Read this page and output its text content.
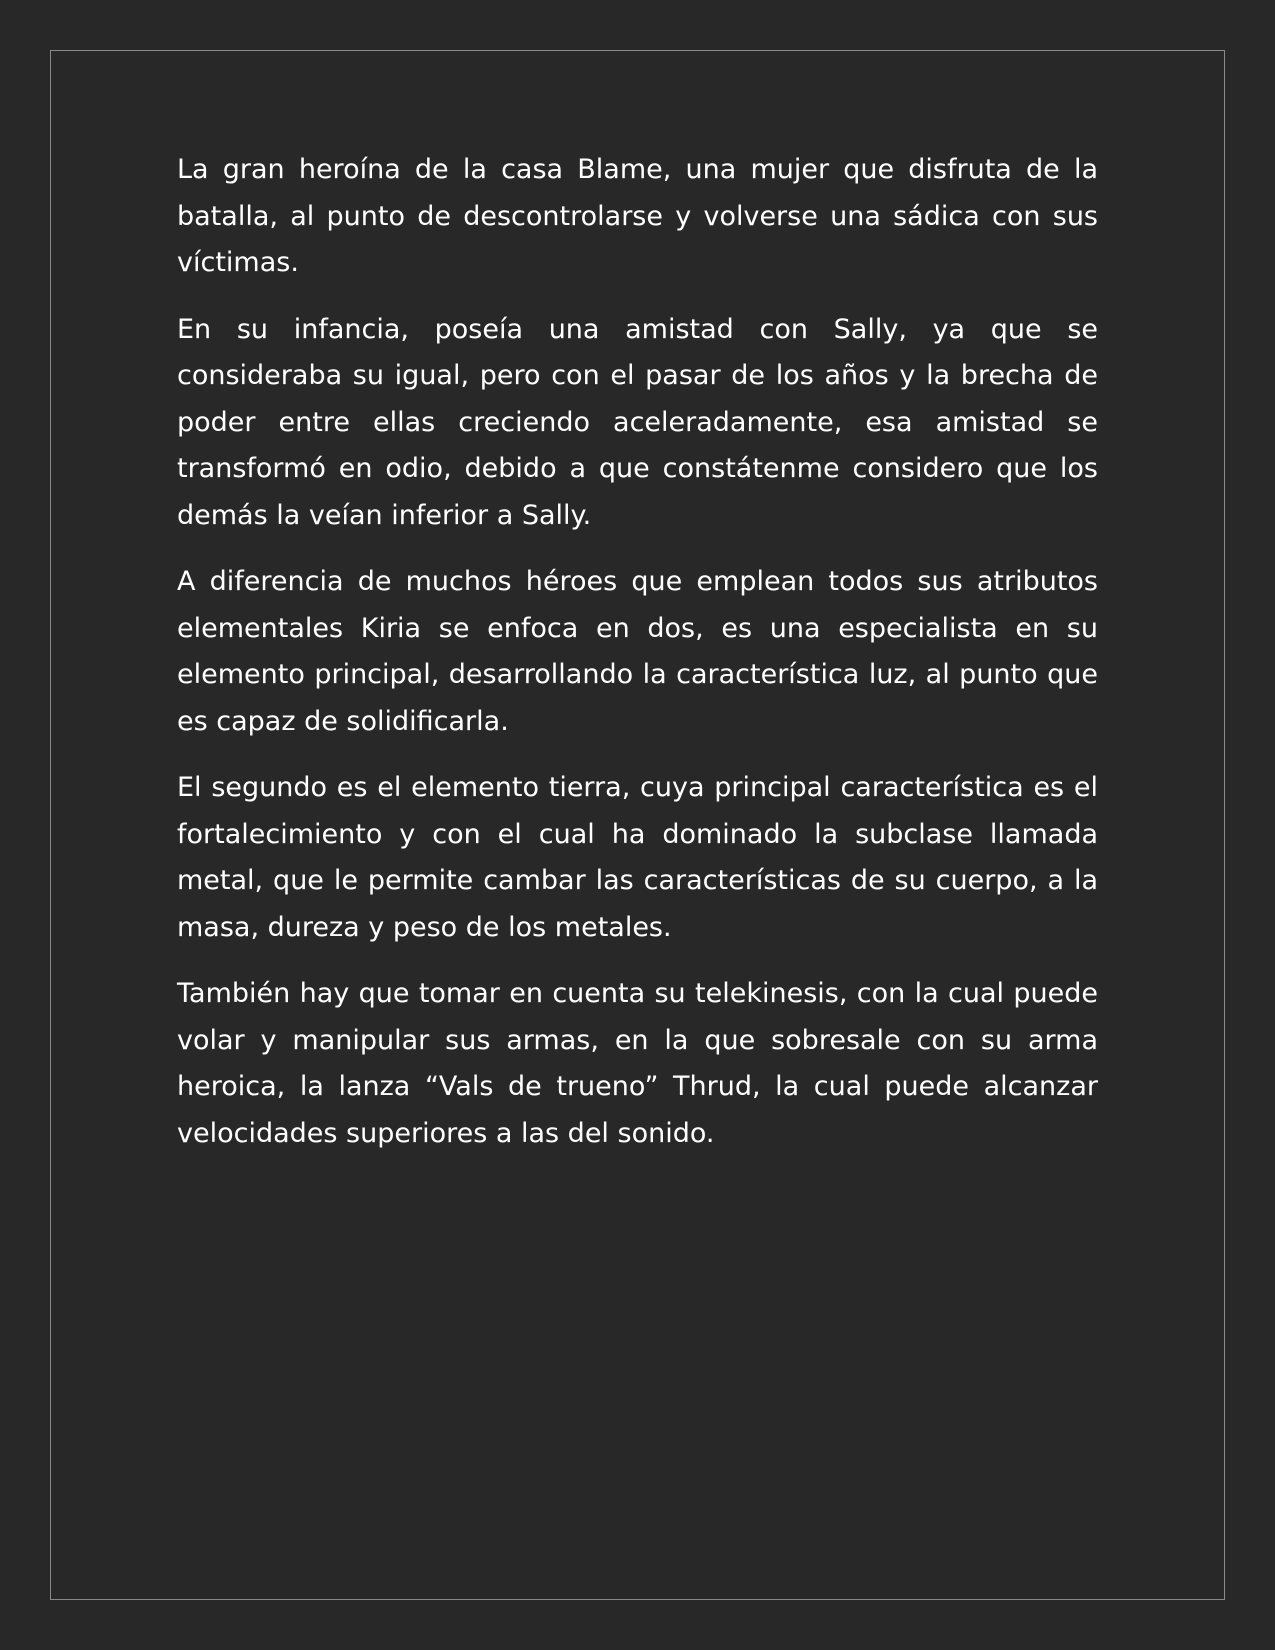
La gran heroína de la casa Blame, una mujer que disfruta de la batalla, al punto de descontrolarse y volverse una sádica con sus víctimas.

En su infancia, poseía una amistad con Sally, ya que se consideraba su igual, pero con el pasar de los años y la brecha de poder entre ellas creciendo aceleradamente, esa amistad se transformó en odio, debido a que constátenme considero que los demás la veían inferior a Sally.

A diferencia de muchos héroes que emplean todos sus atributos elementales Kiria se enfoca en dos, es una especialista en su elemento principal, desarrollando la característica luz, al punto que es capaz de solidificarla.

El segundo es el elemento tierra, cuya principal característica es el fortalecimiento y con el cual ha dominado la subclase llamada metal, que le permite cambar las características de su cuerpo, a la masa, dureza y peso de los metales.

También hay que tomar en cuenta su telekinesis, con la cual puede volar y manipular sus armas, en la que sobresale con su arma heroica, la lanza “Vals de trueno” Thrud, la cual puede alcanzar velocidades superiores a las del sonido.
